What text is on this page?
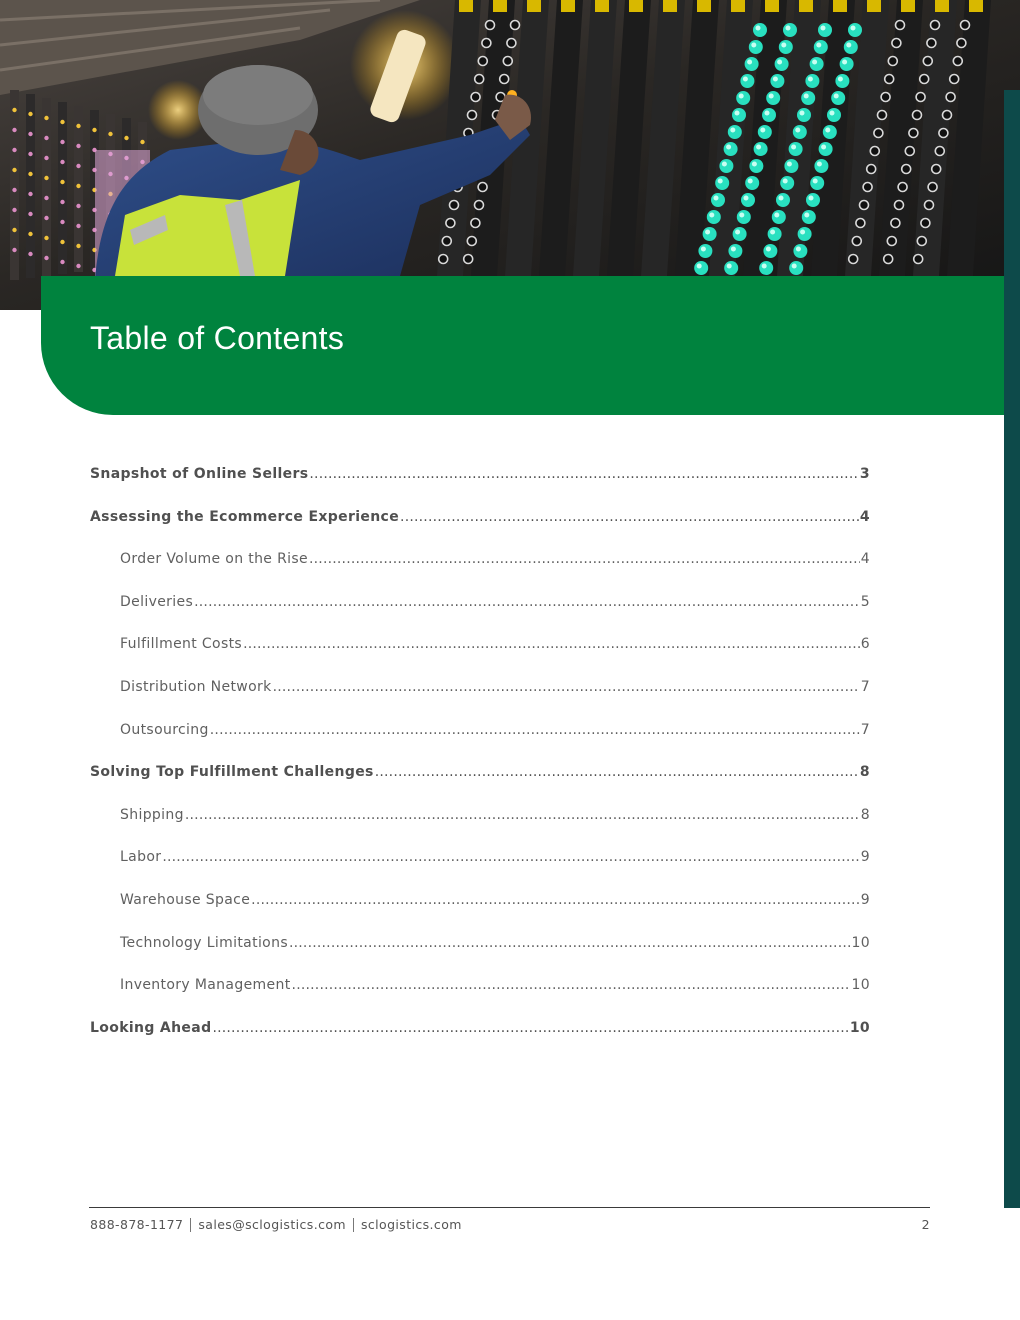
Table of Contents
Snapshot of Online Sellers .....	3
Assessing the Ecommerce Experience .....	4
Order Volume on the Rise .....	4
Deliveries .....	5
Fulfillment Costs .....	6
Distribution Network .....	7
Outsourcing .....	7
Solving Top Fulfillment Challenges .....	8
Shipping .....	8
Labor .....	9
Warehouse Space .....	9
Technology Limitations .....	10
Inventory Management .....	10
Looking Ahead .....	10
888-878-1177 sales@sclogistics.com sclogistics.com	2
